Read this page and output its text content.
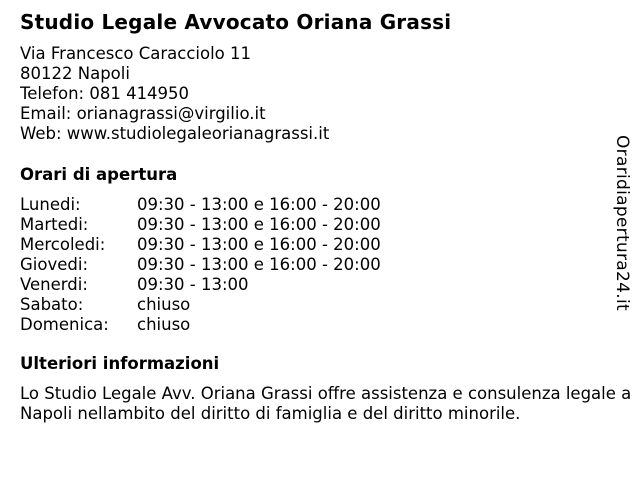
Studio Legale Avvocato Oriana Grassi
Via Francesco Caracciolo 11
80122 Napoli
Telefon: 081 414950
Email: orianagrassi@virgilio.it
Web: www.studiolegaleorianagrassi.it
Orari di apertura
Lunedi:	09:30 - 13:00 e 16:00 - 20:00
Martedi:	09:30 - 13:00 e 16:00 - 20:00
Mercoledi:	09:30 - 13:00 e 16:00 - 20:00
Giovedi:	09:30 - 13:00 e 16:00 - 20:00
Venerdi:	09:30 - 13:00
Sabato:	chiuso
Domenica:	chiuso
Ulteriori informazioni
Lo Studio Legale Avv. Oriana Grassi offre assistenza e consulenza legale a Napoli nellambito del diritto di famiglia e del diritto minorile.
Oraridiapertura24.it
